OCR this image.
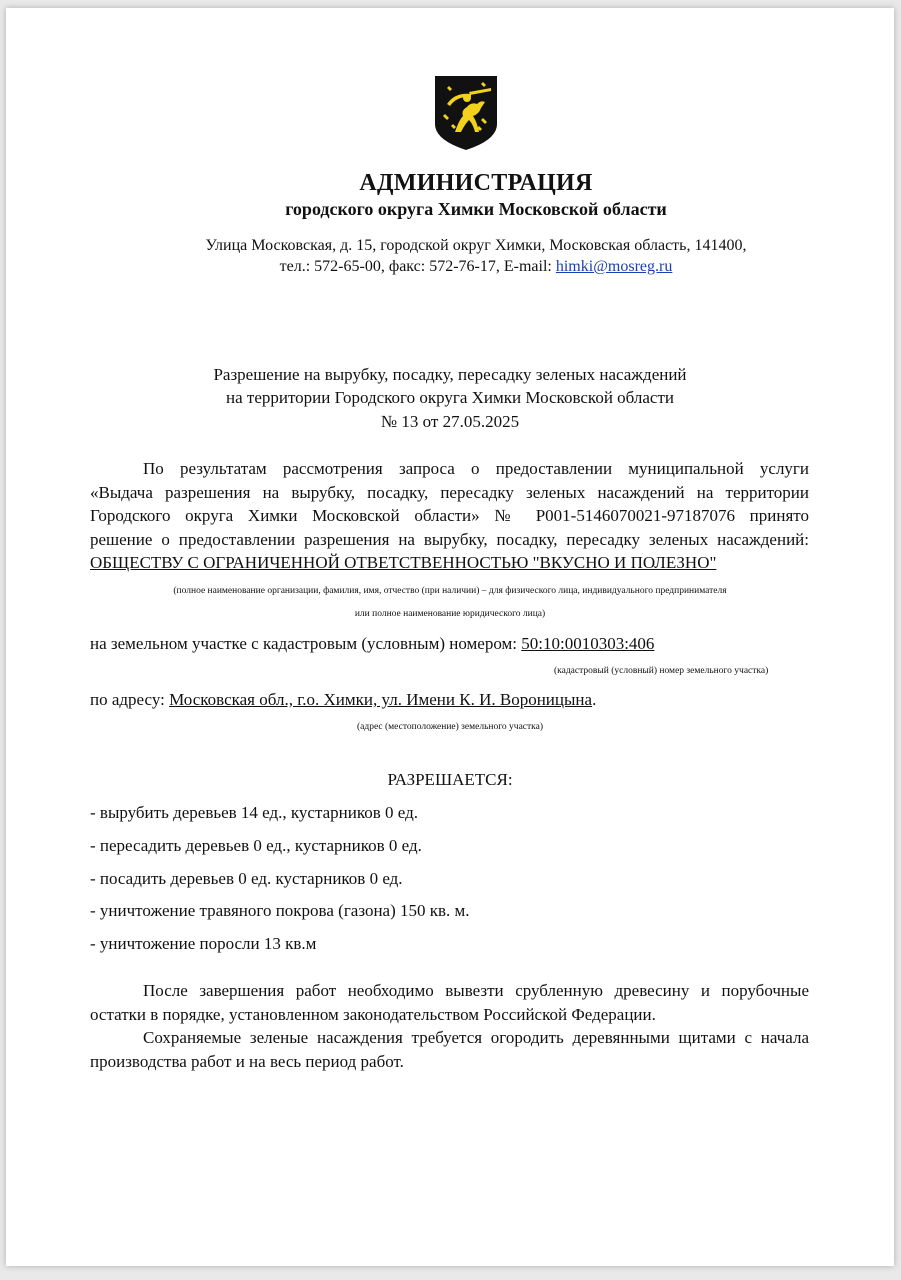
АДМИНИСТРАЦИЯ
городского округа Химки Московской области
Улица Московская, д. 15, городской округ Химки, Московская область, 141400,
тел.: 572-65-00, факс: 572-76-17, E-mail: himki@mosreg.ru
Разрешение на вырубку, посадку, пересадку зеленых насаждений
на территории Городского округа Химки Московской области
№ 13 от 27.05.2025
По результатам рассмотрения запроса о предоставлении муниципальной услуги
«Выдача разрешения на вырубку, посадку, пересадку зеленых насаждений на территории
Городского округа Химки Московской области» № P001-5146070021-97187076 принято
решение о предоставлении разрешения на вырубку, посадку, пересадку зеленых насаждений:
ОБЩЕСТВУ С ОГРАНИЧЕННОЙ ОТВЕТСТВЕННОСТЬЮ "ВКУСНО И ПОЛЕЗНО"
(полное наименование организации, фамилия, имя, отчество (при наличии) – для физического лица, индивидуального предпринимателя
или полное наименование юридического лица)
на земельном участке с кадастровым (условным) номером: 50:10:0010303:406
(кадастровый (условный) номер земельного участка)
по адресу: Московская обл., г.о. Химки, ул. Имени К. И. Вороницына.
(адрес (местоположение) земельного участка)
РАЗРЕШАЕТСЯ:
- вырубить деревьев 14 ед., кустарников 0 ед.
- пересадить деревьев 0 ед., кустарников 0 ед.
- посадить деревьев 0 ед. кустарников 0 ед.
- уничтожение травяного покрова (газона) 150 кв. м.
- уничтожение поросли 13 кв.м
После завершения работ необходимо вывезти срубленную древесину и порубочные остатки в порядке, установленном законодательством Российской Федерации.
Сохраняемые зеленые насаждения требуется огородить деревянными щитами с начала производства работ и на весь период работ.
